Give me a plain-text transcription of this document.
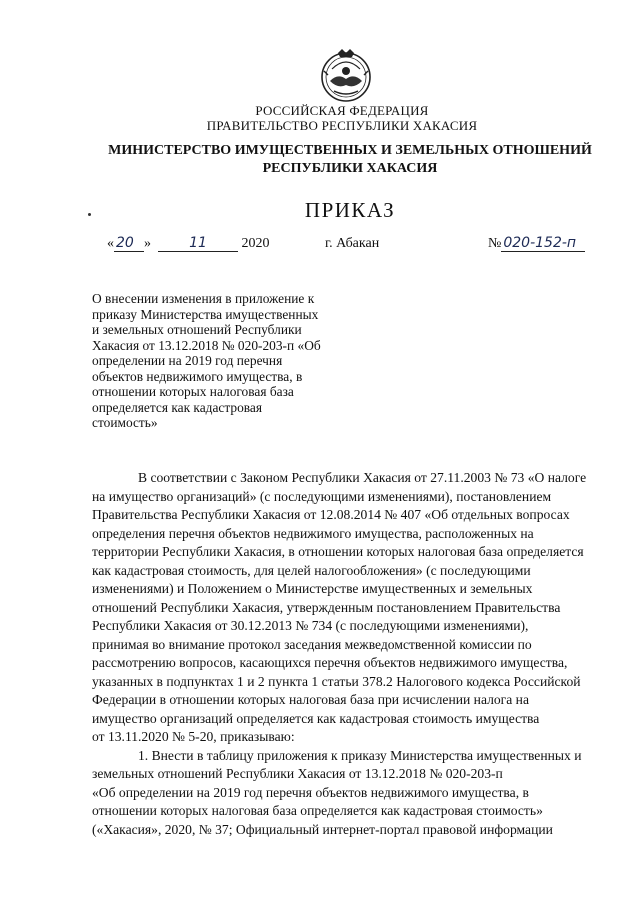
РОССИЙСКАЯ ФЕДЕРАЦИЯ
ПРАВИТЕЛЬСТВО РЕСПУБЛИКИ ХАКАСИЯ
МИНИСТЕРСТВО ИМУЩЕСТВЕННЫХ И ЗЕМЕЛЬНЫХ ОТНОШЕНИЙ
РЕСПУБЛИКИ ХАКАСИЯ
ПРИКАЗ
« 20 »	11 2020	г. Абакан	№ 020-152-п
О внесении изменения в приложение к
приказу Министерства имущественных
и земельных отношений Республики
Хакасия от 13.12.2018 № 020-203-п «Об
определении на 2019 год перечня
объектов недвижимого имущества, в
отношении которых налоговая база
определяется как кадастровая
стоимость»
В соответствии с Законом Республики Хакасия от 27.11.2003 № 73 «О налоге
на имущество организаций» (с последующими изменениями), постановлением
Правительства Республики Хакасия от 12.08.2014 № 407 «Об отдельных вопросах
определения перечня объектов недвижимого имущества, расположенных на
территории Республики Хакасия, в отношении которых налоговая база определяется
как кадастровая стоимость, для целей налогообложения» (с последующими
изменениями) и Положением о Министерстве имущественных и земельных
отношений Республики Хакасия, утвержденным постановлением Правительства
Республики Хакасия от 30.12.2013 № 734 (с последующими изменениями),
принимая во внимание протокол заседания межведомственной комиссии по
рассмотрению вопросов, касающихся перечня объектов недвижимого имущества,
указанных в подпунктах 1 и 2 пункта 1 статьи 378.2 Налогового кодекса Российской
Федерации в отношении которых налоговая база при исчислении налога на
имущество организаций определяется как кадастровая стоимость имущества
от 13.11.2020 № 5-20, приказываю:
1. Внести в таблицу приложения к приказу Министерства имущественных и
земельных отношений Республики Хакасия от 13.12.2018 № 020-203-п
«Об определении на 2019 год перечня объектов недвижимого имущества, в
отношении которых налоговая база определяется как кадастровая стоимость»
(«Хакасия», 2020, № 37; Официальный интернет-портал правовой информации
